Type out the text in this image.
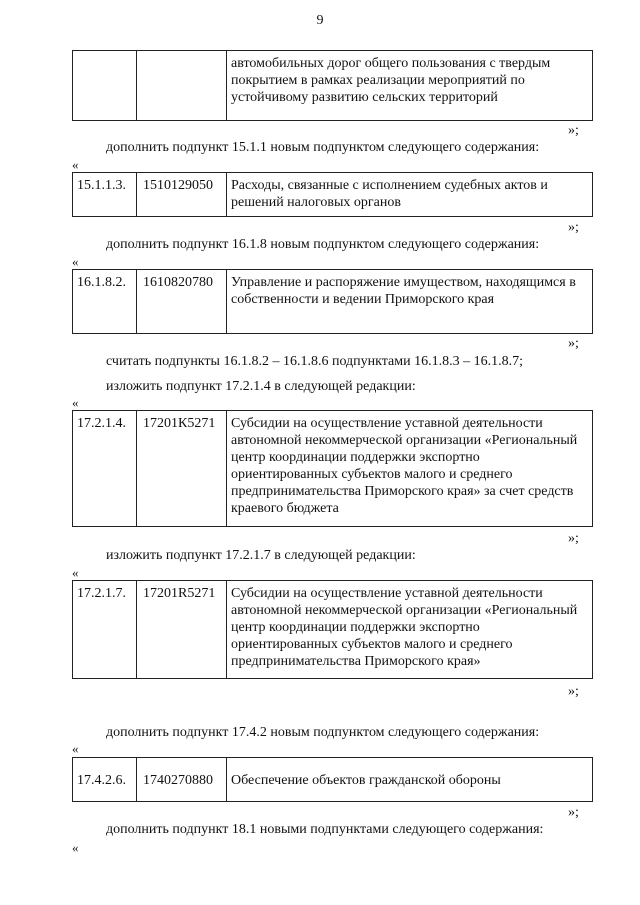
9
		автомобильных дорог общего пользования с твердым покрытием в рамках реализации мероприятий по устойчивому развитию сельских территорий
»;
дополнить подпункт 15.1.1 новым подпунктом следующего содержания:
«
15.1.1.3.	1510129050	Расходы, связанные с исполнением судебных актов и решений налоговых органов
»;
дополнить подпункт 16.1.8 новым подпунктом следующего содержания:
«
16.1.8.2.	1610820780	Управление и распоряжение имуществом, находящимся в собственности и ведении Приморского края
»;
считать подпункты 16.1.8.2 – 16.1.8.6 подпунктами 16.1.8.3 – 16.1.8.7;
изложить подпункт 17.2.1.4 в следующей редакции:
«
17.2.1.4.	17201К5271	Субсидии на осуществление уставной деятельности автономной некоммерческой организации «Региональный центр координации поддержки экспортно ориентированных субъектов малого и среднего предпринимательства Приморского края» за счет средств краевого бюджета
»;
изложить подпункт 17.2.1.7 в следующей редакции:
«
17.2.1.7.	17201R5271	Субсидии на осуществление уставной деятельности автономной некоммерческой организации «Региональный центр координации поддержки экспортно ориентированных субъектов малого и среднего предпринимательства Приморского края»
»;
дополнить подпункт 17.4.2 новым подпунктом следующего содержания:
«
17.4.2.6.	1740270880	Обеспечение объектов гражданской обороны
»;
дополнить подпункт 18.1 новыми подпунктами следующего содержания:
«
